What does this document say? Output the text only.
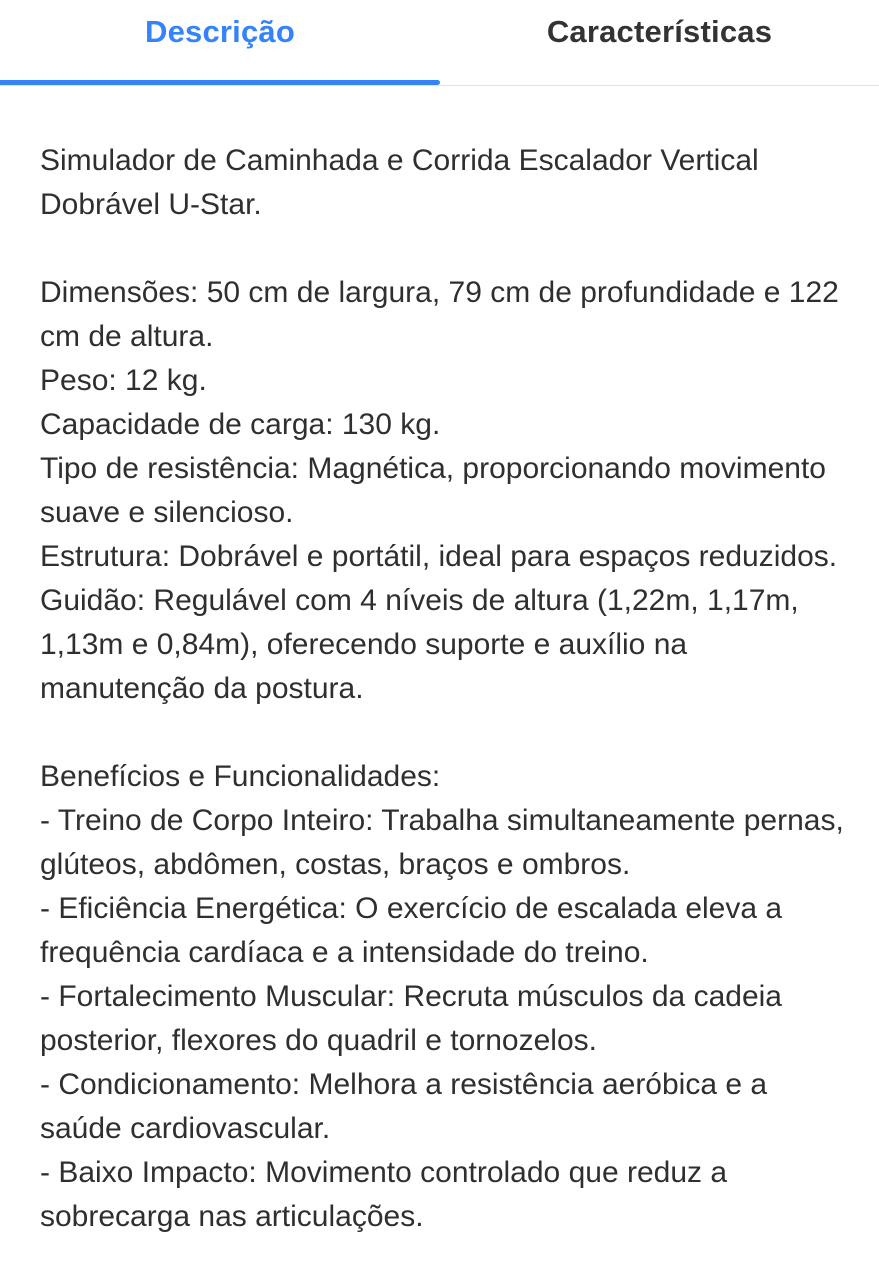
Descrição	Características

Simulador de Caminhada e Corrida Escalador Vertical Dobrável U-Star.

Dimensões: 50 cm de largura, 79 cm de profundidade e 122 cm de altura.
Peso: 12 kg.
Capacidade de carga: 130 kg.
Tipo de resistência: Magnética, proporcionando movimento suave e silencioso.
Estrutura: Dobrável e portátil, ideal para espaços reduzidos.
Guidão: Regulável com 4 níveis de altura (1,22m, 1,17m, 1,13m e 0,84m), oferecendo suporte e auxílio na manutenção da postura.
Benefícios e Funcionalidades:
- Treino de Corpo Inteiro: Trabalha simultaneamente pernas, glúteos, abdômen, costas, braços e ombros.
- Eficiência Energética: O exercício de escalada eleva a frequência cardíaca e a intensidade do treino.
- Fortalecimento Muscular: Recruta músculos da cadeia posterior, flexores do quadril e tornozelos.
- Condicionamento: Melhora a resistência aeróbica e a saúde cardiovascular.
- Baixo Impacto: Movimento controlado que reduz a sobrecarga nas articulações.
